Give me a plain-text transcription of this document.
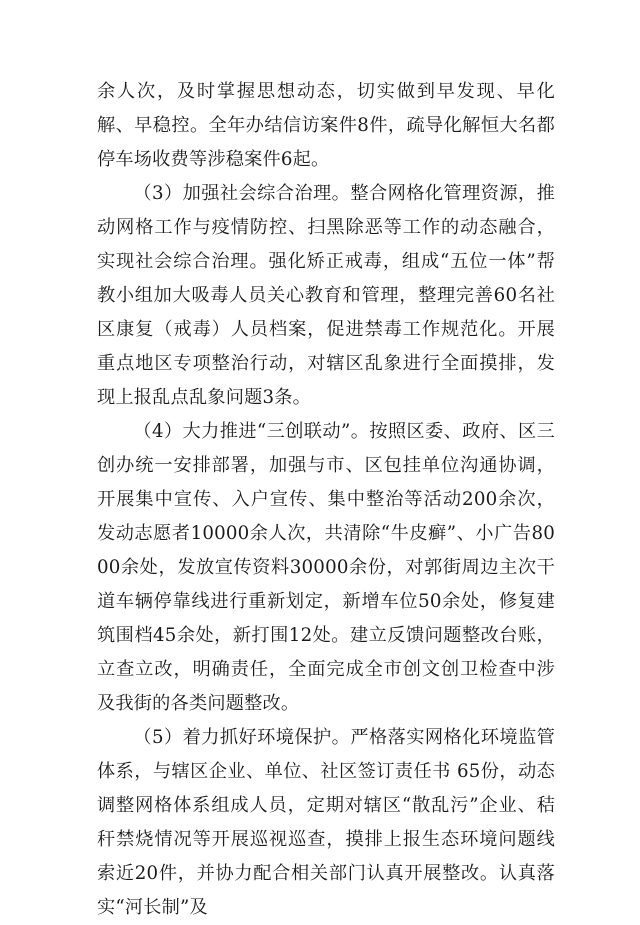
余人次，及时掌握思想动态，切实做到早发现、早化解、早稳控。全年办结信访案件8件，疏导化解恒大名都停车场收费等涉稳案件6起。

（3）加强社会综合治理。整合网格化管理资源，推动网格工作与疫情防控、扫黑除恶等工作的动态融合，实现社会综合治理。强化矫正戒毒，组成“五位一体”帮教小组加大吸毒人员关心教育和管理，整理完善60名社区康复（戒毒）人员档案，促进禁毒工作规范化。开展重点地区专项整治行动，对辖区乱象进行全面摸排，发现上报乱点乱象问题3条。

（4）大力推进“三创联动”。按照区委、政府、区三创办统一安排部署，加强与市、区包挂单位沟通协调，开展集中宣传、入户宣传、集中整治等活动200余次，发动志愿者10000余人次，共清除“牛皮癣”、小广告8000余处，发放宣传资料30000余份，对郭街周边主次干道车辆停靠线进行重新划定，新增车位50余处，修复建筑围档45余处，新打围12处。建立反馈问题整改台账，立查立改，明确责任，全面完成全市创文创卫检查中涉及我街的各类问题整改。

（5）着力抓好环境保护。严格落实网格化环境监管体系，与辖区企业、单位、社区签订责任书 65份，动态调整网格体系组成人员，定期对辖区“散乱污”企业、秸秆禁烧情况等开展巡视巡查，摸排上报生态环境问题线索近20件，并协力配合相关部门认真开展整改。认真落实“河长制”及
